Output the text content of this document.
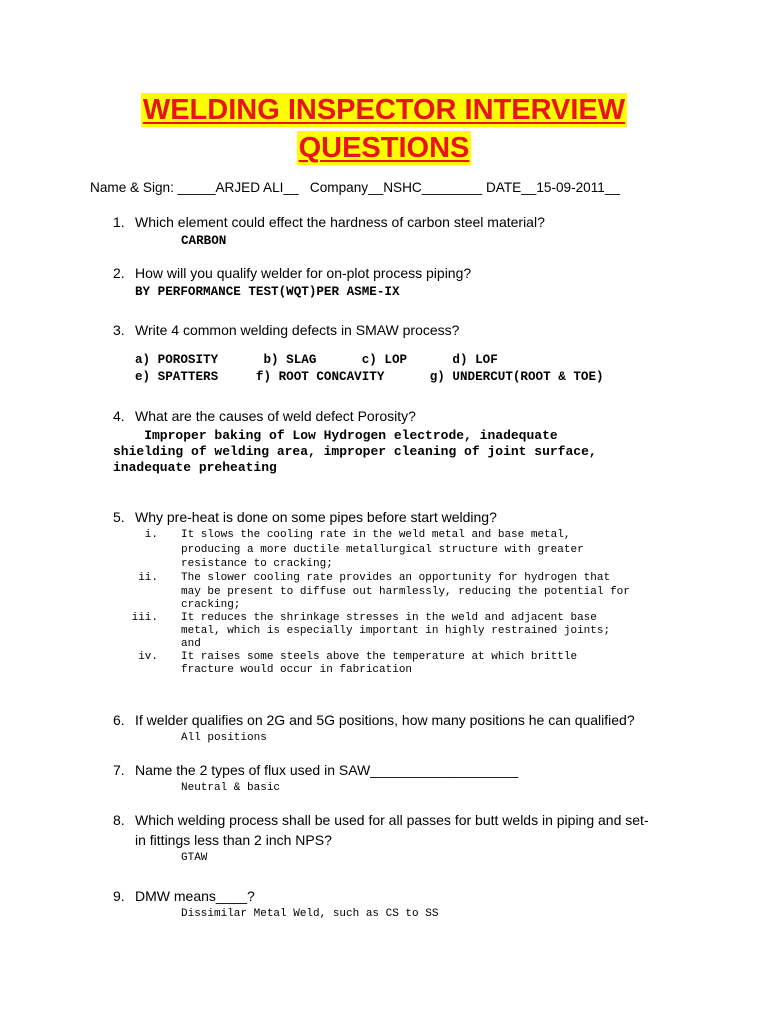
WELDING INSPECTOR INTERVIEW
QUESTIONS
Name & Sign: _____ARJED ALI__   Company__NSHC________ DATE__15-09-2011__
1. Which element could effect the hardness of carbon steel material?
CARBON
2. How will you qualify welder for on-plot process piping?
BY PERFORMANCE TEST(WQT)PER ASME-IX
3. Write 4 common welding defects in SMAW process?
a) POROSITY      b) SLAG      c) LOP      d) LOF
e) SPATTERS     f) ROOT CONCAVITY      g) UNDERCUT(ROOT & TOE)
4. What are the causes of weld defect Porosity?
Improper baking of Low Hydrogen electrode, inadequate
shielding of welding area, improper cleaning of joint surface,
inadequate preheating
5. Why pre-heat is done on some pipes before start welding?
i. It slows the cooling rate in the weld metal and base metal,
producing a more ductile metallurgical structure with greater
resistance to cracking;
ii. The slower cooling rate provides an opportunity for hydrogen that
may be present to diffuse out harmlessly, reducing the potential for
cracking;
iii. It reduces the shrinkage stresses in the weld and adjacent base
metal, which is especially important in highly restrained joints;
and
iv. It raises some steels above the temperature at which brittle
fracture would occur in fabrication
6. If welder qualifies on 2G and 5G positions, how many positions he can qualified?
All positions
7. Name the 2 types of flux used in SAW___________________
Neutral & basic
8. Which welding process shall be used for all passes for butt welds in piping and set-
in fittings less than 2 inch NPS?
GTAW
9. DMW means____?
Dissimilar Metal Weld, such as CS to SS
